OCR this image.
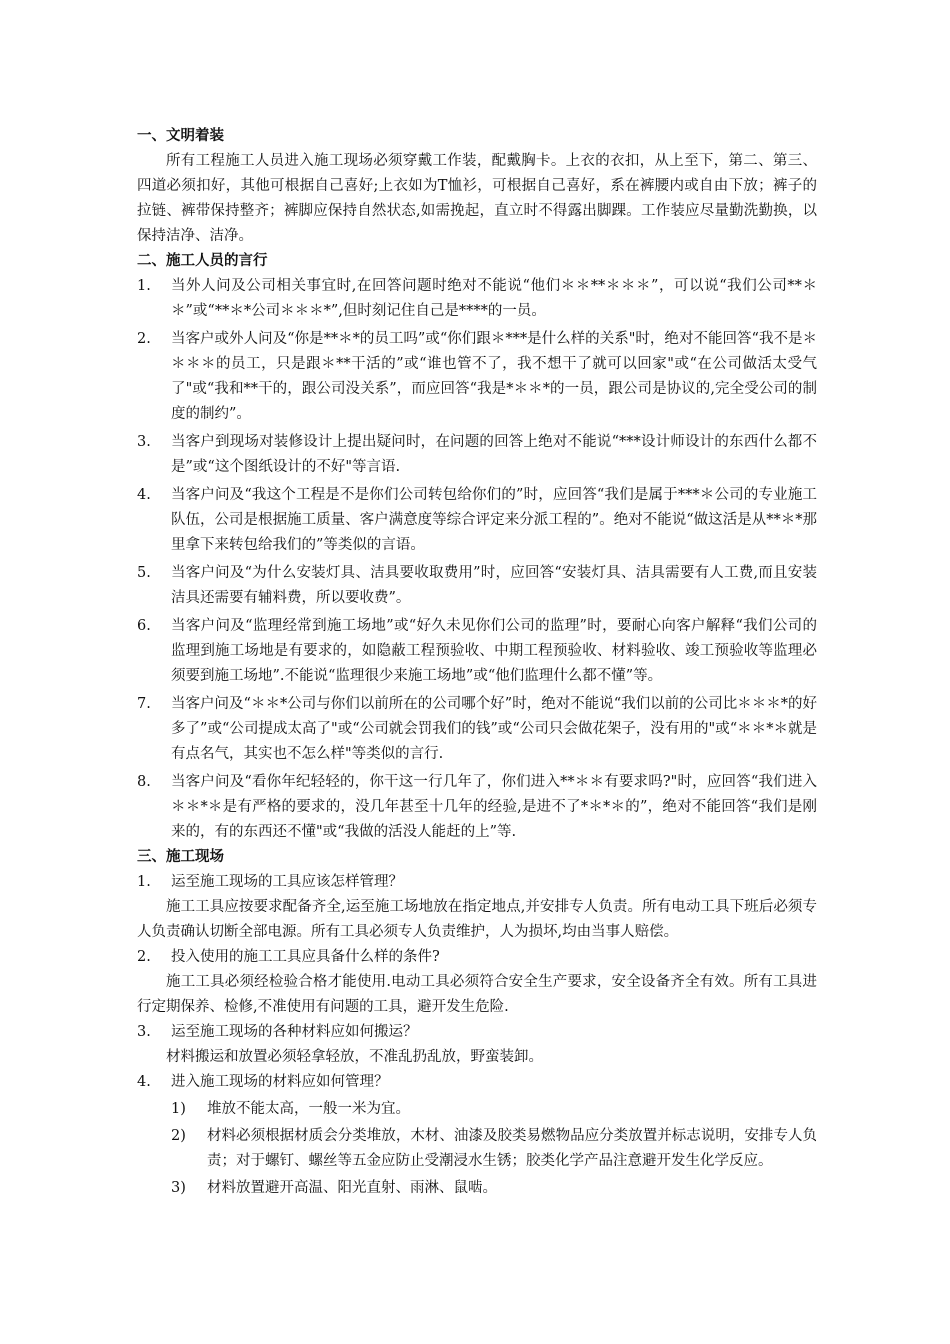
一、文明着装
所有工程施工人员进入施工现场必须穿戴工作装，配戴胸卡。上衣的衣扣，从上至下，第二、第三、四道必须扣好，其他可根据自己喜好;上衣如为T恤衫，可根据自己喜好，系在裤腰内或自由下放；裤子的拉链、裤带保持整齐；裤脚应保持自然状态,如需挽起，直立时不得露出脚踝。工作装应尽量勤洗勤换，以保持洁净、洁净。
二、施工人员的言行
1. 当外人问及公司相关事宜时,在回答问题时绝对不能说“他们＊＊**＊＊＊”，可以说“我们公司**＊＊”或“**＊*公司＊＊＊*”,但时刻记住自己是****的一员。
2. 当客户或外人问及“你是**＊*的员工吗”或“你们跟＊***是什么样的关系"时，绝对不能回答“我不是＊＊＊＊的员工，只是跟＊**干活的”或“谁也管不了，我不想干了就可以回家"或“在公司做活太受气了"或“我和**干的，跟公司没关系”，而应回答“我是*＊＊*的一员，跟公司是协议的,完全受公司的制度的制约”。
3. 当客户到现场对装修设计上提出疑问时，在问题的回答上绝对不能说“***设计师设计的东西什么都不是”或“这个图纸设计的不好"等言语.
4. 当客户问及“我这个工程是不是你们公司转包给你们的”时，应回答“我们是属于***＊公司的专业施工队伍，公司是根据施工质量、客户满意度等综合评定来分派工程的”。绝对不能说“做这活是从**＊*那里拿下来转包给我们的”等类似的言语。
5. 当客户问及“为什么安装灯具、洁具要收取费用”时，应回答“安装灯具、洁具需要有人工费,而且安装洁具还需要有辅料费，所以要收费”。
6. 当客户问及“监理经常到施工场地”或“好久未见你们公司的监理”时，要耐心向客户解释“我们公司的监理到施工场地是有要求的，如隐蔽工程预验收、中期工程预验收、材料验收、竣工预验收等监理必须要到施工场地”.不能说“监理很少来施工场地”或“他们监理什么都不懂”等。
7. 当客户问及“＊＊*公司与你们以前所在的公司哪个好”时，绝对不能说“我们以前的公司比＊＊＊*的好多了”或“公司提成太高了"或“公司就会罚我们的钱”或“公司只会做花架子，没有用的"或“＊＊*＊就是有点名气，其实也不怎么样"等类似的言行.
8. 当客户问及“看你年纪轻轻的，你干这一行几年了，你们进入**＊＊有要求吗?"时，应回答“我们进入＊＊*＊是有严格的要求的，没几年甚至十几年的经验,是进不了*＊*＊的”，绝对不能回答“我们是刚来的，有的东西还不懂"或“我做的活没人能赶的上”等.
三、施工现场
1. 运至施工现场的工具应该怎样管理？
施工工具应按要求配备齐全,运至施工场地放在指定地点,并安排专人负责。所有电动工具下班后必须专人负责确认切断全部电源。所有工具必须专人负责维护，人为损坏,均由当事人赔偿。
2. 投入使用的施工工具应具备什么样的条件?
施工工具必须经检验合格才能使用.电动工具必须符合安全生产要求，安全设备齐全有效。所有工具进行定期保养、检修,不准使用有问题的工具，避开发生危险.
3. 运至施工现场的各种材料应如何搬运？
材料搬运和放置必须轻拿轻放，不准乱扔乱放，野蛮装卸。
4. 进入施工现场的材料应如何管理？
1) 堆放不能太高，一般一米为宜。
2) 材料必须根据材质会分类堆放，木材、油漆及胶类易燃物品应分类放置并标志说明，安排专人负责；对于螺钉、螺丝等五金应防止受潮浸水生锈；胶类化学产品注意避开发生化学反应。
3) 材料放置避开高温、阳光直射、雨淋、鼠啮。
